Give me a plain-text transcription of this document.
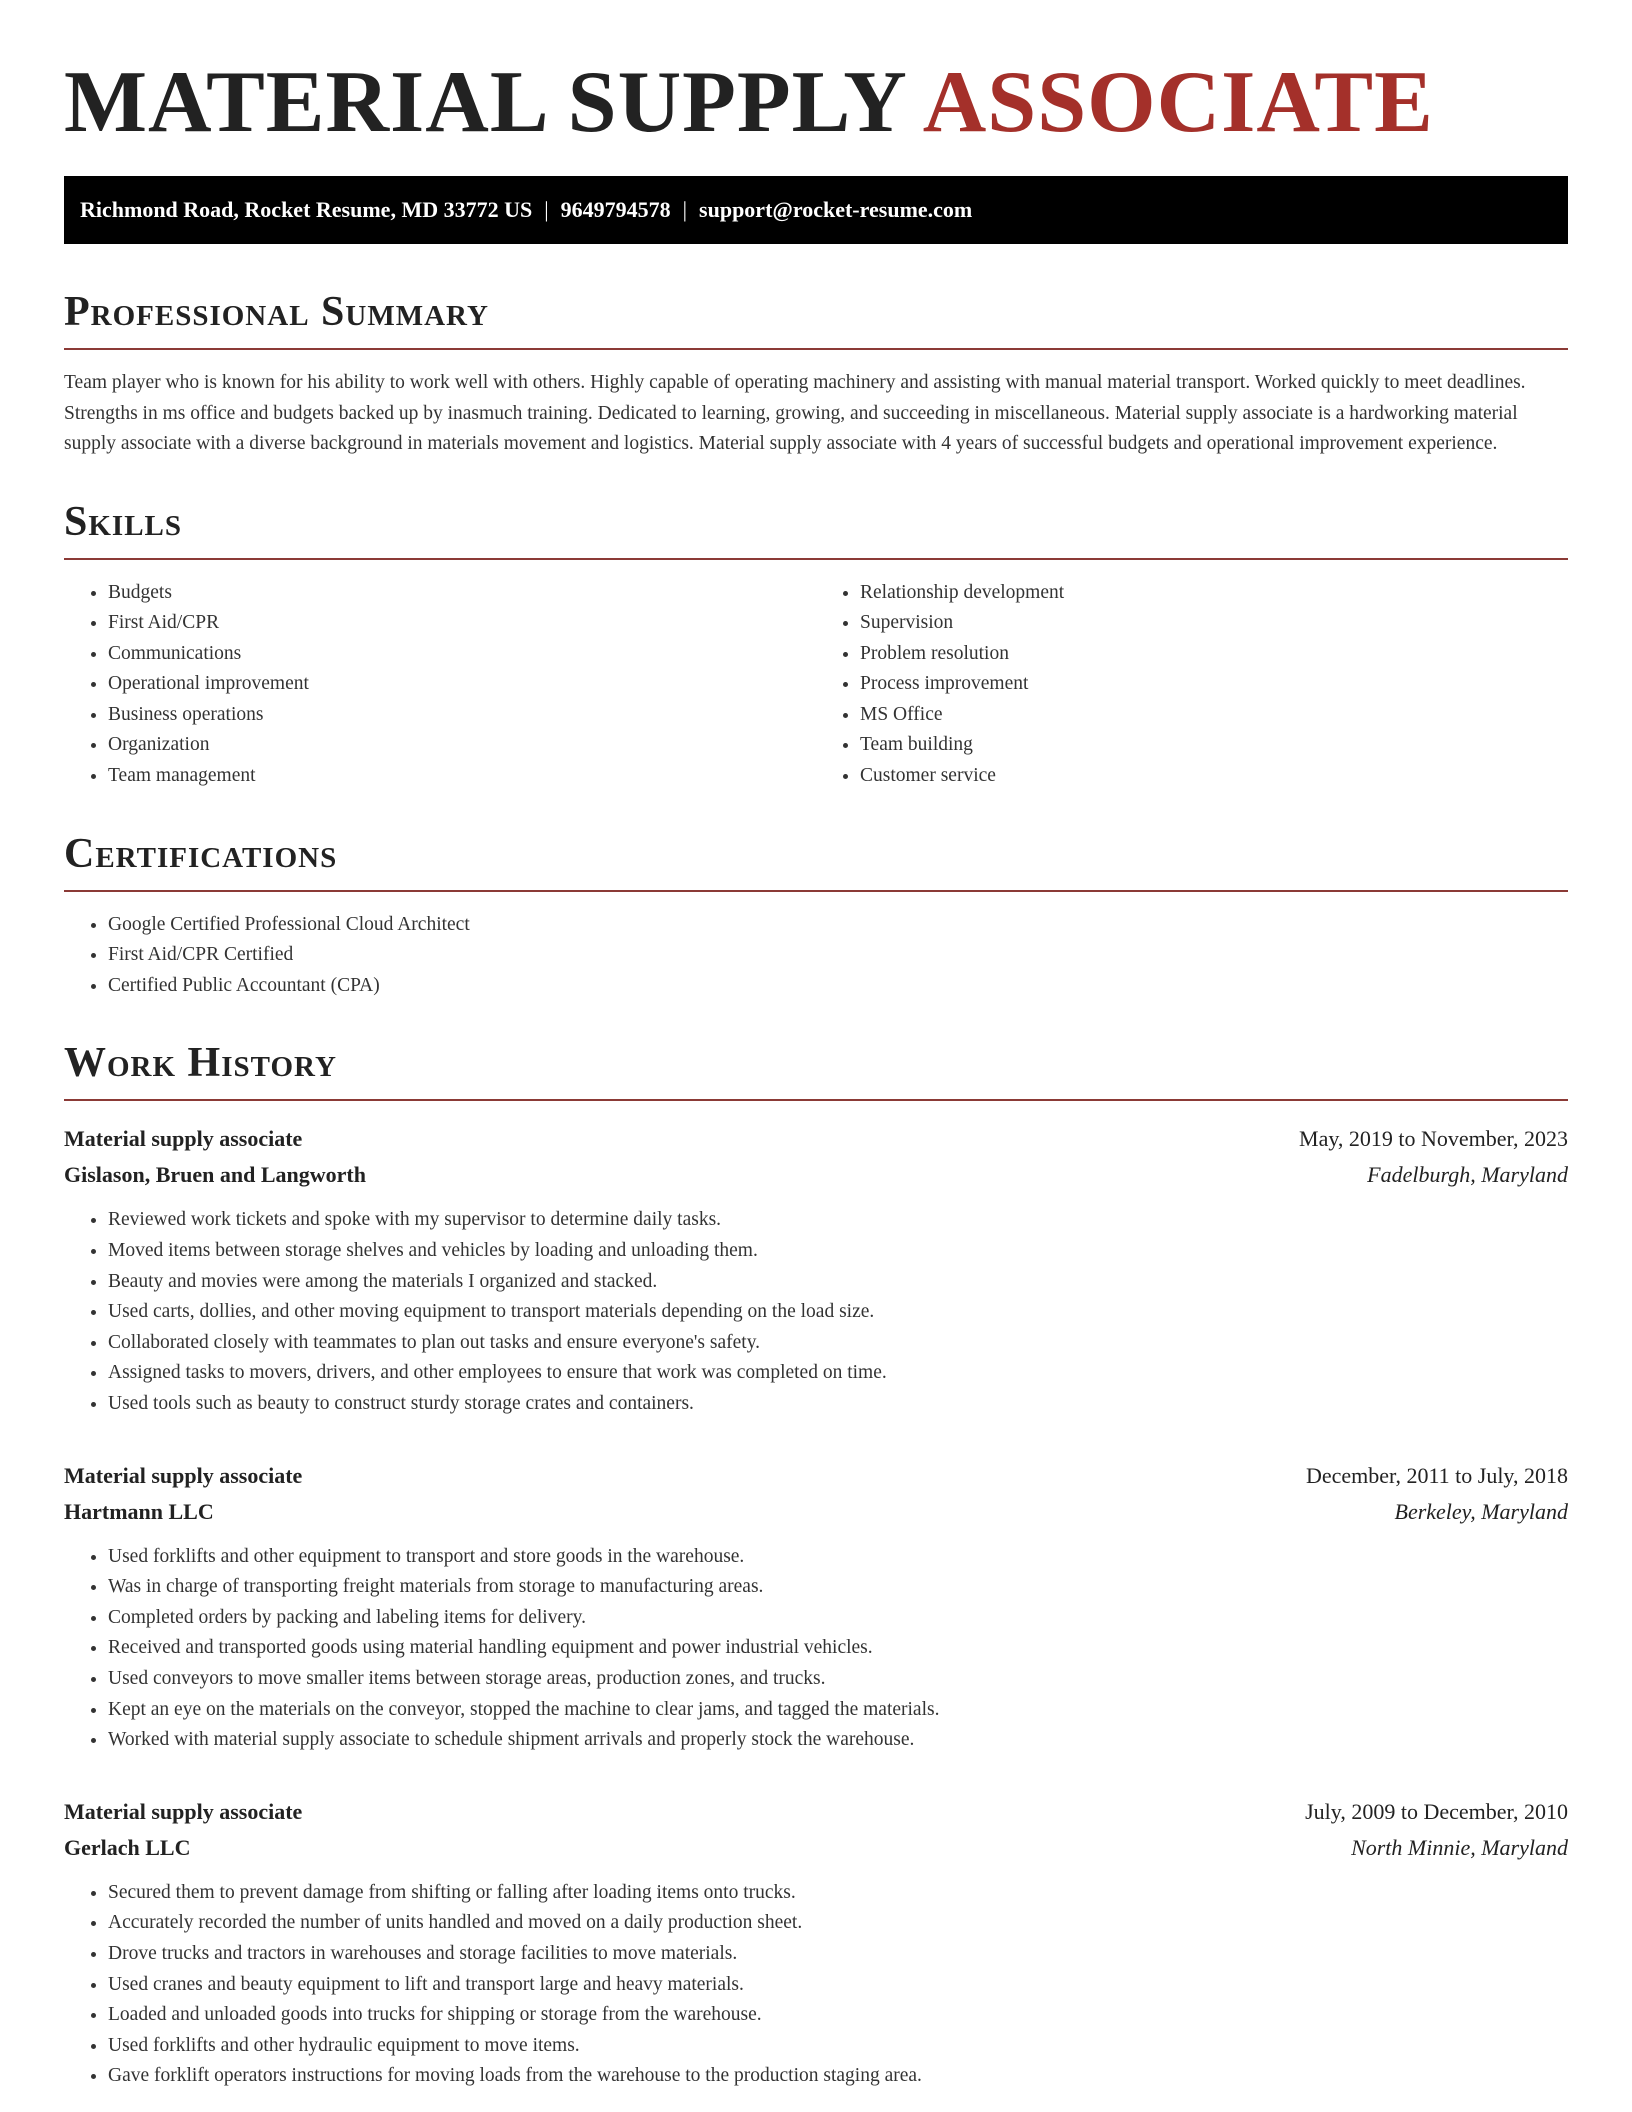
MATERIAL SUPPLY ASSOCIATE
Richmond Road, Rocket Resume, MD 33772 US | 9649794578 | support@rocket-resume.com
Professional Summary

Team player who is known for his ability to work well with others. Highly capable of operating machinery and assisting with manual material transport. Worked quickly to meet deadlines. Strengths in ms office and budgets backed up by inasmuch training. Dedicated to learning, growing, and succeeding in miscellaneous. Material supply associate is a hardworking material supply associate with a diverse background in materials movement and logistics. Material supply associate with 4 years of successful budgets and operational improvement experience.

Skills
• Budgets
• First Aid/CPR
• Communications
• Operational improvement
• Business operations
• Organization
• Team management
• Relationship development
• Supervision
• Problem resolution
• Process improvement
• MS Office
• Team building
• Customer service
Certifications
• Google Certified Professional Cloud Architect
• First Aid/CPR Certified
• Certified Public Accountant (CPA)
Work History
Material supply associate	May, 2019 to November, 2023
Gislason, Bruen and Langworth	Fadelburgh, Maryland
• Reviewed work tickets and spoke with my supervisor to determine daily tasks.
• Moved items between storage shelves and vehicles by loading and unloading them.
• Beauty and movies were among the materials I organized and stacked.
• Used carts, dollies, and other moving equipment to transport materials depending on the load size.
• Collaborated closely with teammates to plan out tasks and ensure everyone's safety.
• Assigned tasks to movers, drivers, and other employees to ensure that work was completed on time.
• Used tools such as beauty to construct sturdy storage crates and containers.
Material supply associate	December, 2011 to July, 2018
Hartmann LLC	Berkeley, Maryland
• Used forklifts and other equipment to transport and store goods in the warehouse.
• Was in charge of transporting freight materials from storage to manufacturing areas.
• Completed orders by packing and labeling items for delivery.
• Received and transported goods using material handling equipment and power industrial vehicles.
• Used conveyors to move smaller items between storage areas, production zones, and trucks.
• Kept an eye on the materials on the conveyor, stopped the machine to clear jams, and tagged the materials.
• Worked with material supply associate to schedule shipment arrivals and properly stock the warehouse.
Material supply associate	July, 2009 to December, 2010
Gerlach LLC	North Minnie, Maryland
• Secured them to prevent damage from shifting or falling after loading items onto trucks.
• Accurately recorded the number of units handled and moved on a daily production sheet.
• Drove trucks and tractors in warehouses and storage facilities to move materials.
• Used cranes and beauty equipment to lift and transport large and heavy materials.
• Loaded and unloaded goods into trucks for shipping or storage from the warehouse.
• Used forklifts and other hydraulic equipment to move items.
• Gave forklift operators instructions for moving loads from the warehouse to the production staging area.
